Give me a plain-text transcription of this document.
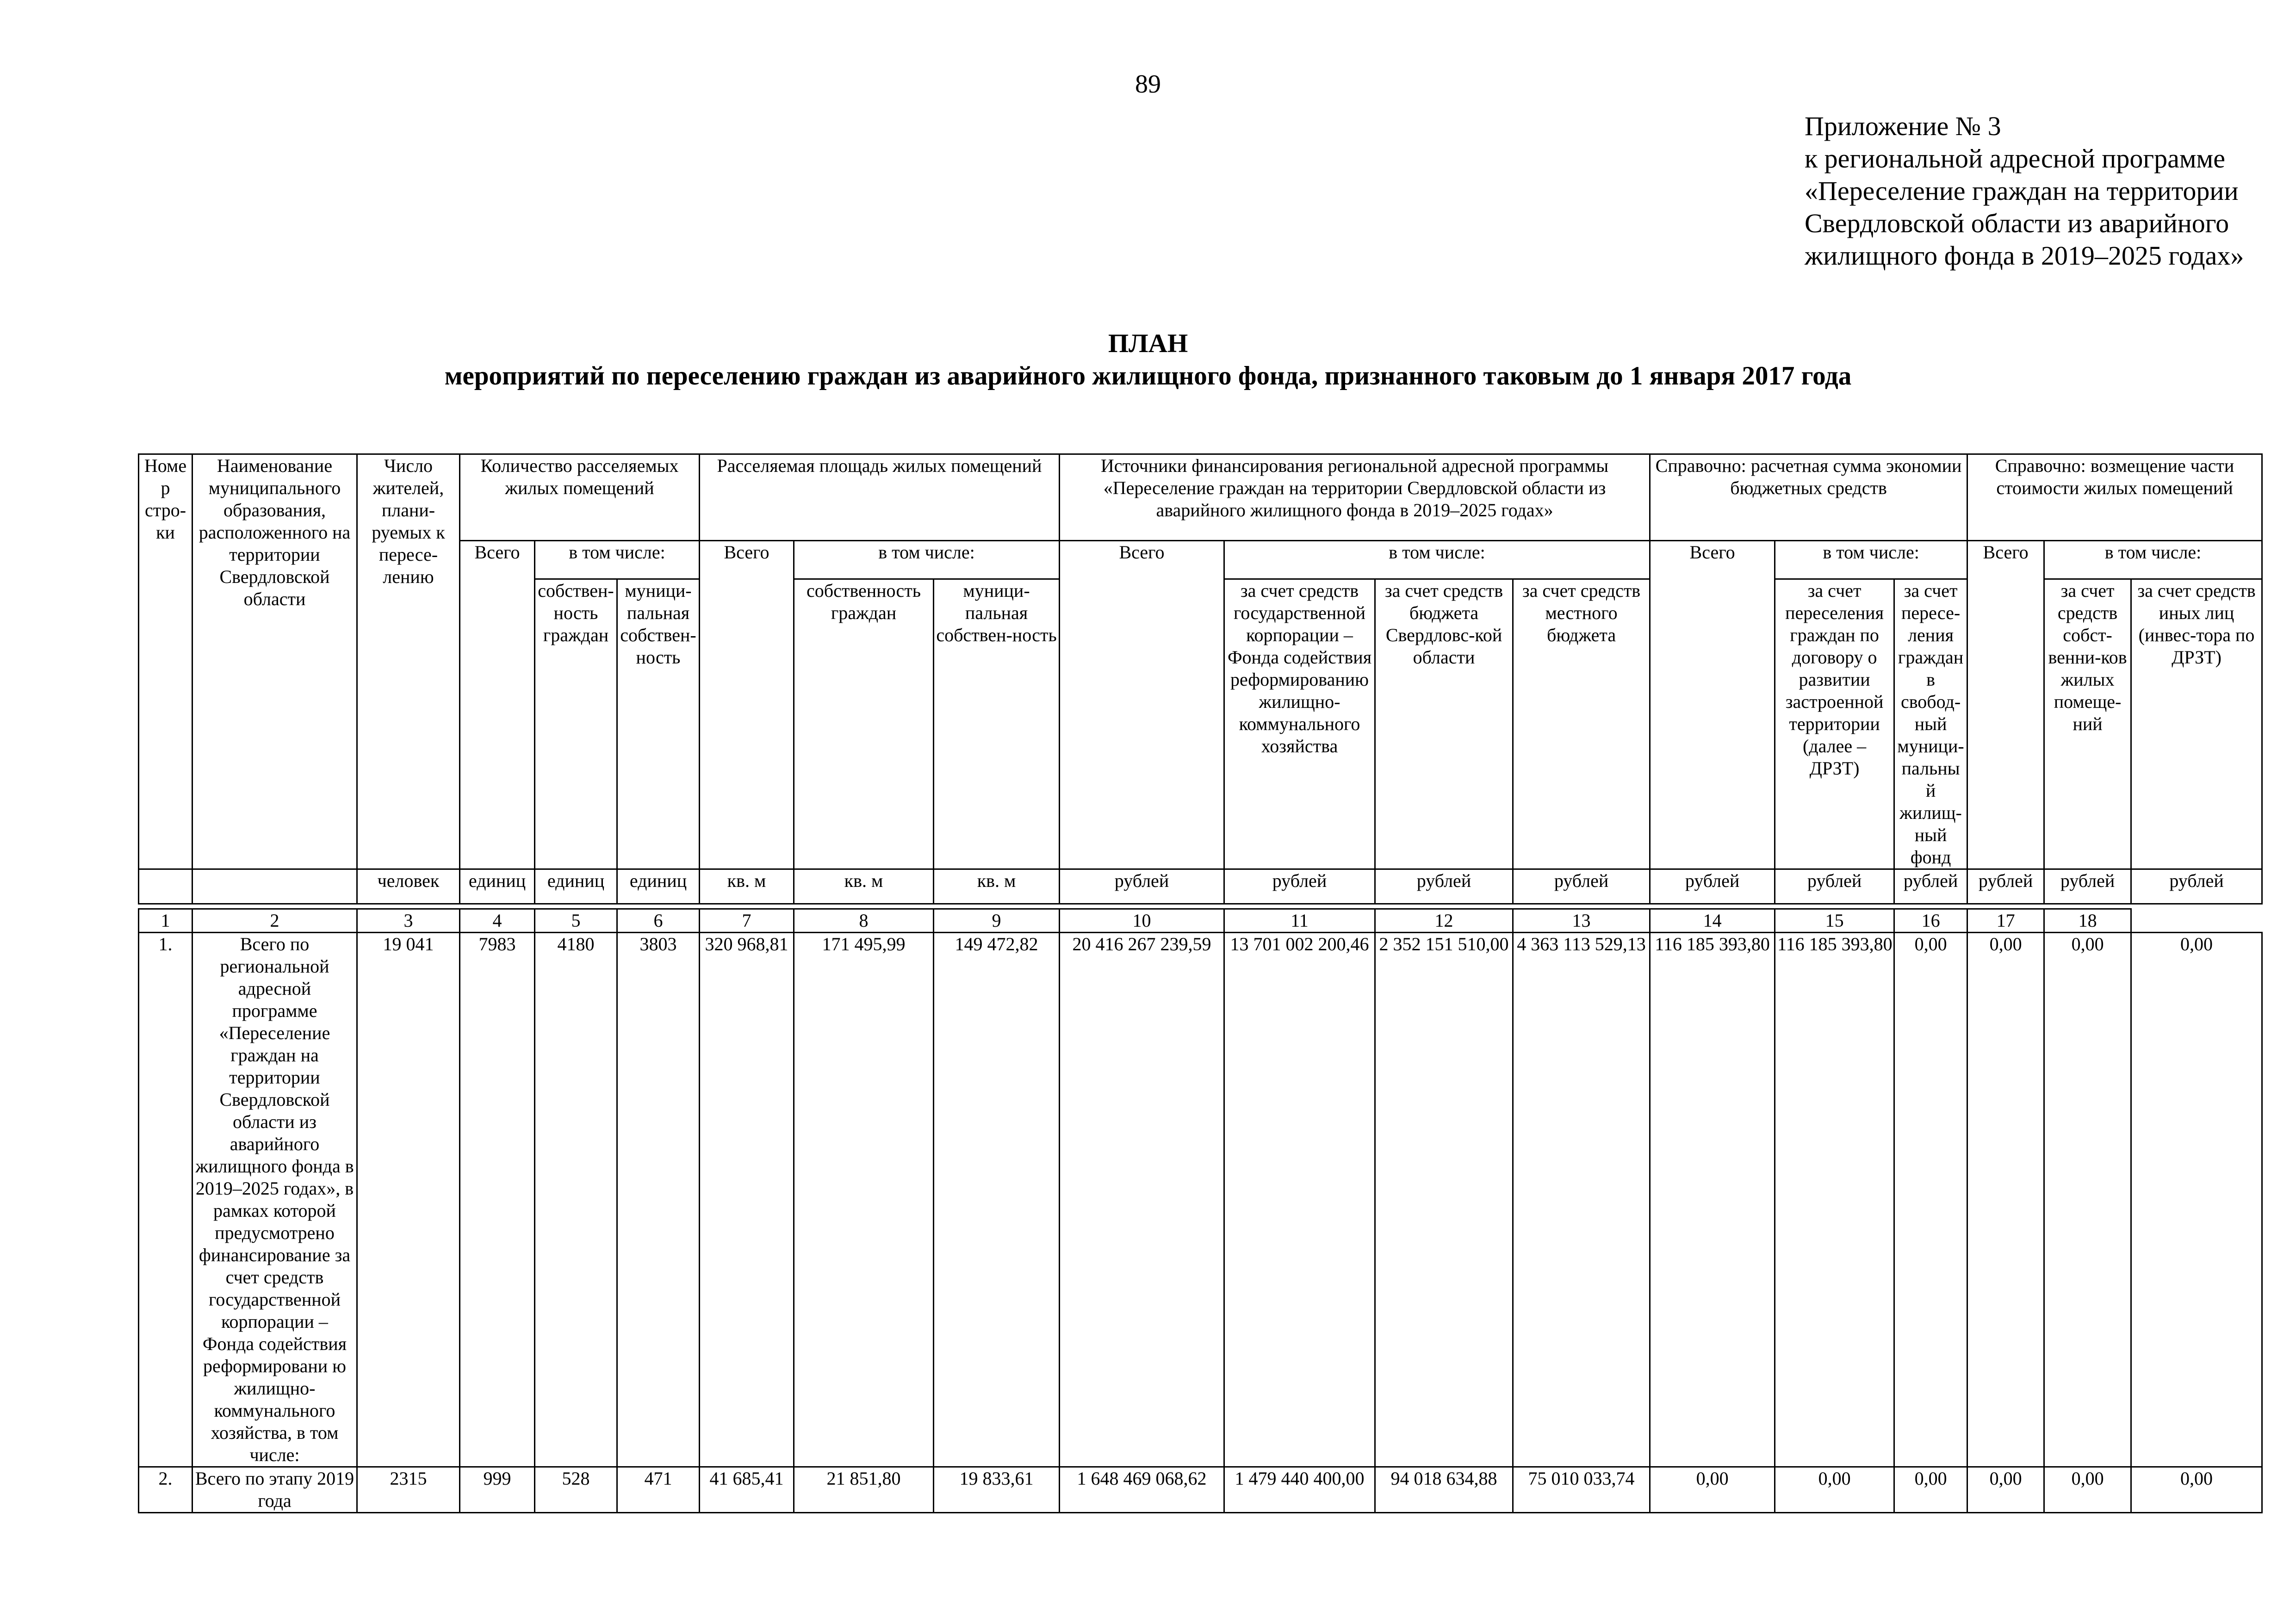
89
Приложение № 3
к региональной адресной программе
«Переселение граждан на территории
Свердловской области из аварийного
жилищного фонда в 2019–2025 годах»
ПЛАН
мероприятий по переселению граждан из аварийного жилищного фонда, признанного таковым до 1 января 2017 года
Номер стро-ки	Наименование муниципального образования, расположенного на территории Свердловской области	Число жителей, плани-руемых к пересе-лению	Количество расселяемых жилых помещений			Расселяемая площадь жилых помещений			Источники финансирования региональной адресной программы «Переселение граждан на территории Свердловской области из аварийного жилищного фонда в 2019–2025 годах»				Справочно: расчетная сумма экономии бюджетных средств			Справочно: возмещение части стоимости жилых помещений		
			Всего	в том числе:		Всего	в том числе:		Всего	в том числе:			Всего	в том числе:		Всего	в том числе:	
				собствен-ность граждан	муници-пальная собствен-ность		собственность граждан	муници-пальная собствен-ность		за счет средств государственной корпорации – Фонда содействия реформированию жилищно-коммунального хозяйства	за счет средств бюджета Свердловс-кой области	за счет средств местного бюджета		за счет переселения граждан по договору о развитии застроенной территории (далее – ДРЗТ)	за счет пересе-ления граждан в свобод-ный муници-пальный жилищ-ный фонд		за счет средств собст-венни-ков жилых помеще-ний	за счет средств иных лиц (инвес-тора по ДРЗТ)
		человек	единиц	единиц	единиц	кв. м	кв. м	кв. м	рублей	рублей	рублей	рублей	рублей	рублей	рублей	рублей	рублей	рублей

1	2	3	4	5	6	7	8	9	10	11	12	13	14	15	16	17	18	
1.	Всего по региональной адресной программе «Переселение граждан на территории Свердловской области из аварийного жилищного фонда в 2019–2025 годах», в рамках которой предусмотрено финансирование за счет средств государственной корпорации – Фонда содействия реформировани ю жилищно-коммунального хозяйства, в том числе:	19 041	7983	4180	3803	320 968,81	171 495,99	149 472,82	20 416 267 239,59	13 701 002 200,46	2 352 151 510,00	4 363 113 529,13	116 185 393,80	116 185 393,80	0,00	0,00	0,00	0,00
2.	Всего по этапу 2019 года	2315	999	528	471	41 685,41	21 851,80	19 833,61	1 648 469 068,62	1 479 440 400,00	94 018 634,88	75 010 033,74	0,00	0,00	0,00	0,00	0,00	0,00
